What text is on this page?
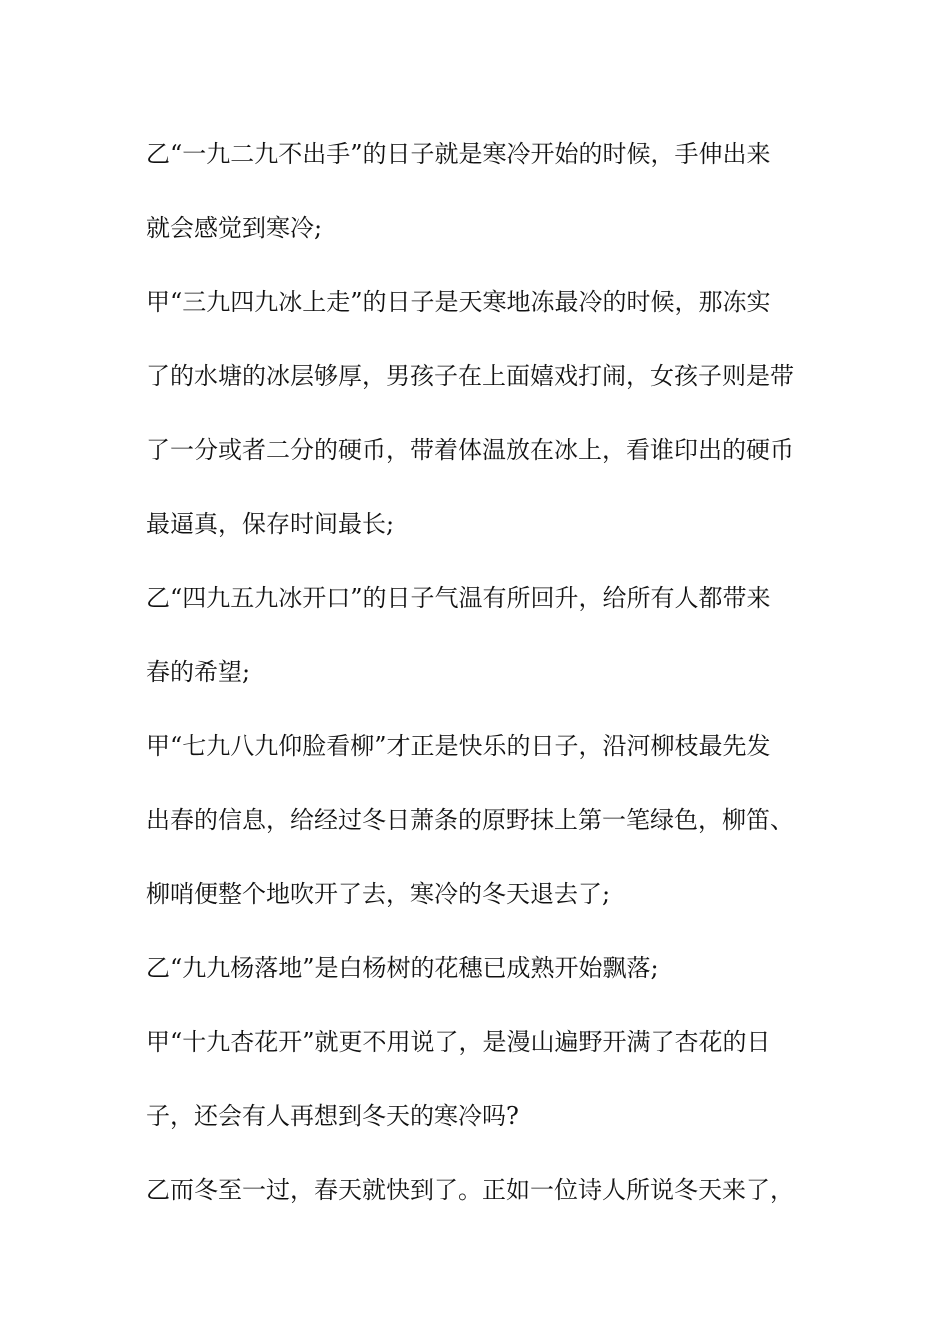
乙“一九二九不出手”的日子就是寒冷开始的时候，手伸出来
就会感觉到寒冷;
甲“三九四九冰上走”的日子是天寒地冻最冷的时候，那冻实
了的水塘的冰层够厚，男孩子在上面嬉戏打闹，女孩子则是带
了一分或者二分的硬币，带着体温放在冰上，看谁印出的硬币
最逼真，保存时间最长;
乙“四九五九冰开口”的日子气温有所回升，给所有人都带来
春的希望;
甲“七九八九仰脸看柳”才正是快乐的日子，沿河柳枝最先发
出春的信息，给经过冬日萧条的原野抹上第一笔绿色，柳笛、
柳哨便整个地吹开了去，寒冷的冬天退去了;
乙“九九杨落地”是白杨树的花穗已成熟开始飘落;
甲“十九杏花开”就更不用说了，是漫山遍野开满了杏花的日
子，还会有人再想到冬天的寒冷吗?
乙而冬至一过，春天就快到了。正如一位诗人所说冬天来了，
